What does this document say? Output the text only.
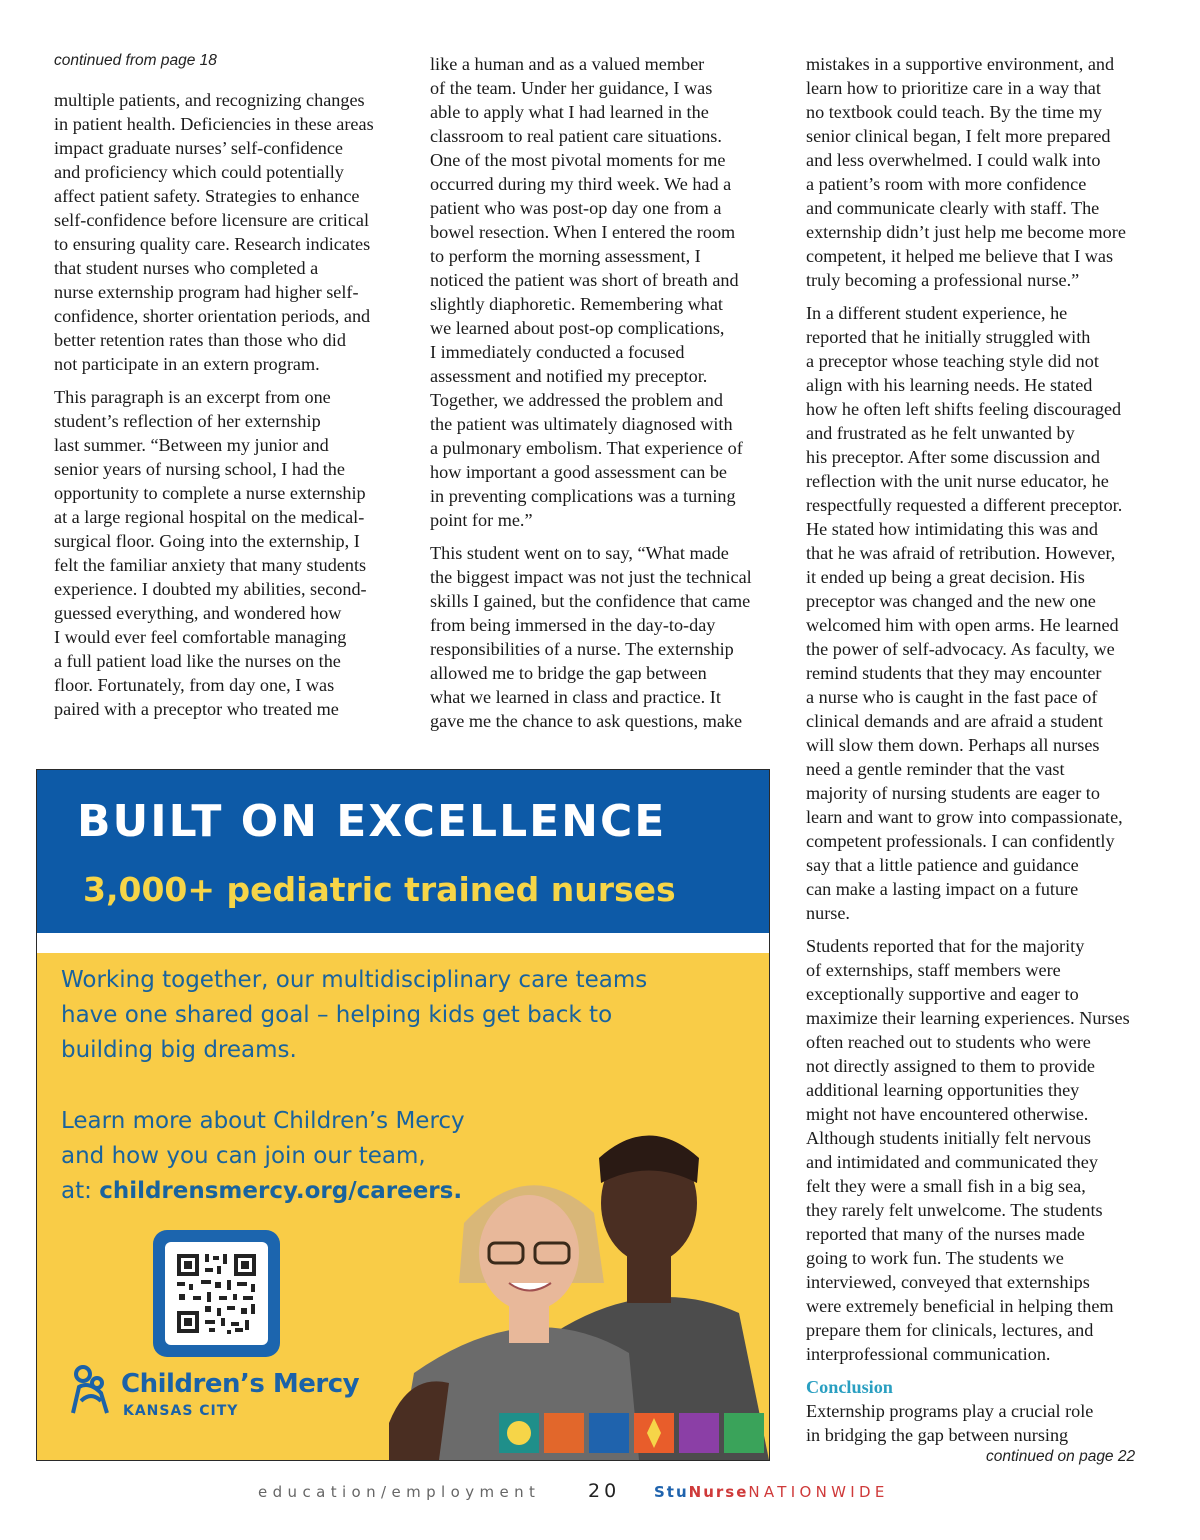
continued from page 18

multiple patients, and recognizing changes
in patient health. Deficiencies in these areas
impact graduate nurses’ self-confidence
and proficiency which could potentially
affect patient safety. Strategies to enhance
self-confidence before licensure are critical
to ensuring quality care. Research indicates
that student nurses who completed a
nurse externship program had higher self-
confidence, shorter orientation periods, and
better retention rates than those who did
not participate in an extern program.

This paragraph is an excerpt from one
student’s reflection of her externship
last summer. “Between my junior and
senior years of nursing school, I had the
opportunity to complete a nurse externship
at a large regional hospital on the medical-
surgical floor. Going into the externship, I
felt the familiar anxiety that many students
experience. I doubted my abilities, second-
guessed everything, and wondered how
I would ever feel comfortable managing
a full patient load like the nurses on the
floor. Fortunately, from day one, I was
paired with a preceptor who treated me

like a human and as a valued member
of the team. Under her guidance, I was
able to apply what I had learned in the
classroom to real patient care situations.
One of the most pivotal moments for me
occurred during my third week. We had a
patient who was post-op day one from a
bowel resection. When I entered the room
to perform the morning assessment, I
noticed the patient was short of breath and
slightly diaphoretic. Remembering what
we learned about post-op complications,
I immediately conducted a focused
assessment and notified my preceptor.
Together, we addressed the problem and
the patient was ultimately diagnosed with
a pulmonary embolism. That experience of
how important a good assessment can be
in preventing complications was a turning
point for me.”

This student went on to say, “What made
the biggest impact was not just the technical
skills I gained, but the confidence that came
from being immersed in the day-to-day
responsibilities of a nurse. The externship
allowed me to bridge the gap between
what we learned in class and practice. It
gave me the chance to ask questions, make

mistakes in a supportive environment, and
learn how to prioritize care in a way that
no textbook could teach. By the time my
senior clinical began, I felt more prepared
and less overwhelmed. I could walk into
a patient’s room with more confidence
and communicate clearly with staff. The
externship didn’t just help me become more
competent, it helped me believe that I was
truly becoming a professional nurse.”

In a different student experience, he
reported that he initially struggled with
a preceptor whose teaching style did not
align with his learning needs. He stated
how he often left shifts feeling discouraged
and frustrated as he felt unwanted by
his preceptor. After some discussion and
reflection with the unit nurse educator, he
respectfully requested a different preceptor.
He stated how intimidating this was and
that he was afraid of retribution. However,
it ended up being a great decision. His
preceptor was changed and the new one
welcomed him with open arms. He learned
the power of self-advocacy. As faculty, we
remind students that they may encounter
a nurse who is caught in the fast pace of
clinical demands and are afraid a student
will slow them down. Perhaps all nurses
need a gentle reminder that the vast
majority of nursing students are eager to
learn and want to grow into compassionate,
competent professionals. I can confidently
say that a little patience and guidance
can make a lasting impact on a future
nurse.

Students reported that for the majority
of externships, staff members were
exceptionally supportive and eager to
maximize their learning experiences. Nurses
often reached out to students who were
not directly assigned to them to provide
additional learning opportunities they
might not have encountered otherwise.
Although students initially felt nervous
and intimidated and communicated they
felt they were a small fish in a big sea,
they rarely felt unwelcome. The students
reported that many of the nurses made
going to work fun. The students we
interviewed, conveyed that externships
were extremely beneficial in helping them
prepare them for clinicals, lectures, and
interprofessional communication.

Conclusion

Externship programs play a crucial role
in bridging the gap between nursing

BUILT ON EXCELLENCE
3,000+ pediatric trained nurses
Working together, our multidisciplinary care teams
have one shared goal – helping kids get back to
building big dreams.
Learn more about Children’s Mercy
and how you can join our team,
at: childrensmercy.org/careers.
Children’s Mercy
KANSAS CITY
continued on page 22
education/employment	20 StuNurseNATIONWIDE
